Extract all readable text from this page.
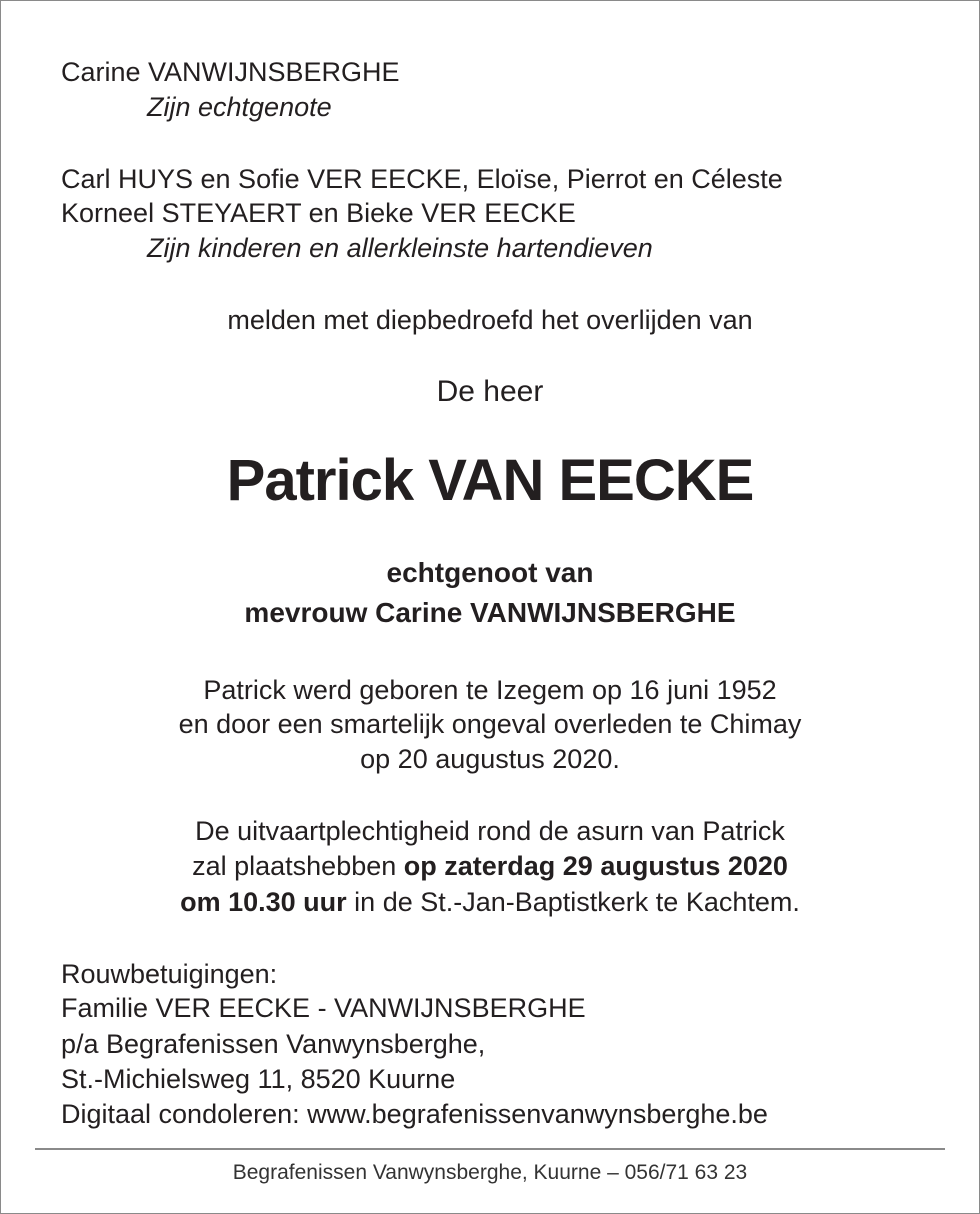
Carine VANWIJNSBERGHE
Zijn echtgenote
Carl HUYS en Sofie VER EECKE, Eloïse, Pierrot en Céleste
Korneel STEYAERT en Bieke VER EECKE
Zijn kinderen en allerkleinste hartendieven
melden met diepbedroefd het overlijden van
De heer
Patrick VAN EECKE
echtgenoot van
mevrouw Carine VANWIJNSBERGHE
Patrick werd geboren te Izegem op 16 juni 1952
en door een smartelijk ongeval overleden te Chimay
op 20 augustus 2020.
De uitvaartplechtigheid rond de asurn van Patrick
zal plaatshebben op zaterdag 29 augustus 2020
om 10.30 uur in de St.-Jan-Baptistkerk te Kachtem.
Rouwbetuigingen:
Familie VER EECKE - VANWIJNSBERGHE
p/a Begrafenissen Vanwynsberghe,
St.-Michielsweg 11, 8520 Kuurne
Digitaal condoleren: www.begrafenissenvanwynsberghe.be
Begrafenissen Vanwynsberghe, Kuurne – 056/71 63 23
